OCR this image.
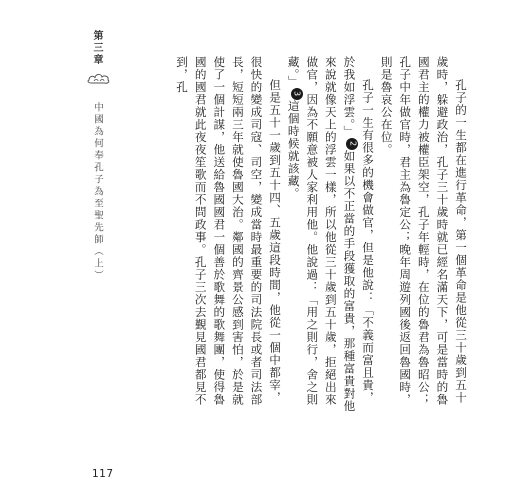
第三章
中國為何奉孔子為至聖先師（上）	孔子的一生都在進行革命，第一個革命是他從三十歲到五十歲時，躲避政治，孔子三十歲時就已經名滿天下，可是當時的魯國君主的權力被權臣架空，孔子年輕時，在位的魯君為魯昭公；孔子中年做官時，君主為魯定公；晚年周遊列國後返回魯國時，則是魯哀公在位。

孔子一生有很多的機會做官，但是他說：「不義而富且貴，於我如浮雲。」2如果以不正當的手段獲取的富貴，那種富貴對他來說就像天上的浮雲一樣，所以他從三十歲到五十歲，拒絕出來做官，因為不願意被人家利用他。他說過：「用之則行，舍之則藏。」3這個時候就該藏。

但是五十一歲到五十四、五歲這段時間，他從一個中都宰，很快的變成司寇、司空，變成當時最重要的司法院長或者司法部長，短短兩三年就使魯國大治。鄰國的齊景公感到害怕，於是就使了一個計謀，他送給魯國國君一個善於歌舞的歌舞團，使得魯國的國君就此夜夜笙歌而不問政事。孔子三次去覲見國君都見不到，孔

117
